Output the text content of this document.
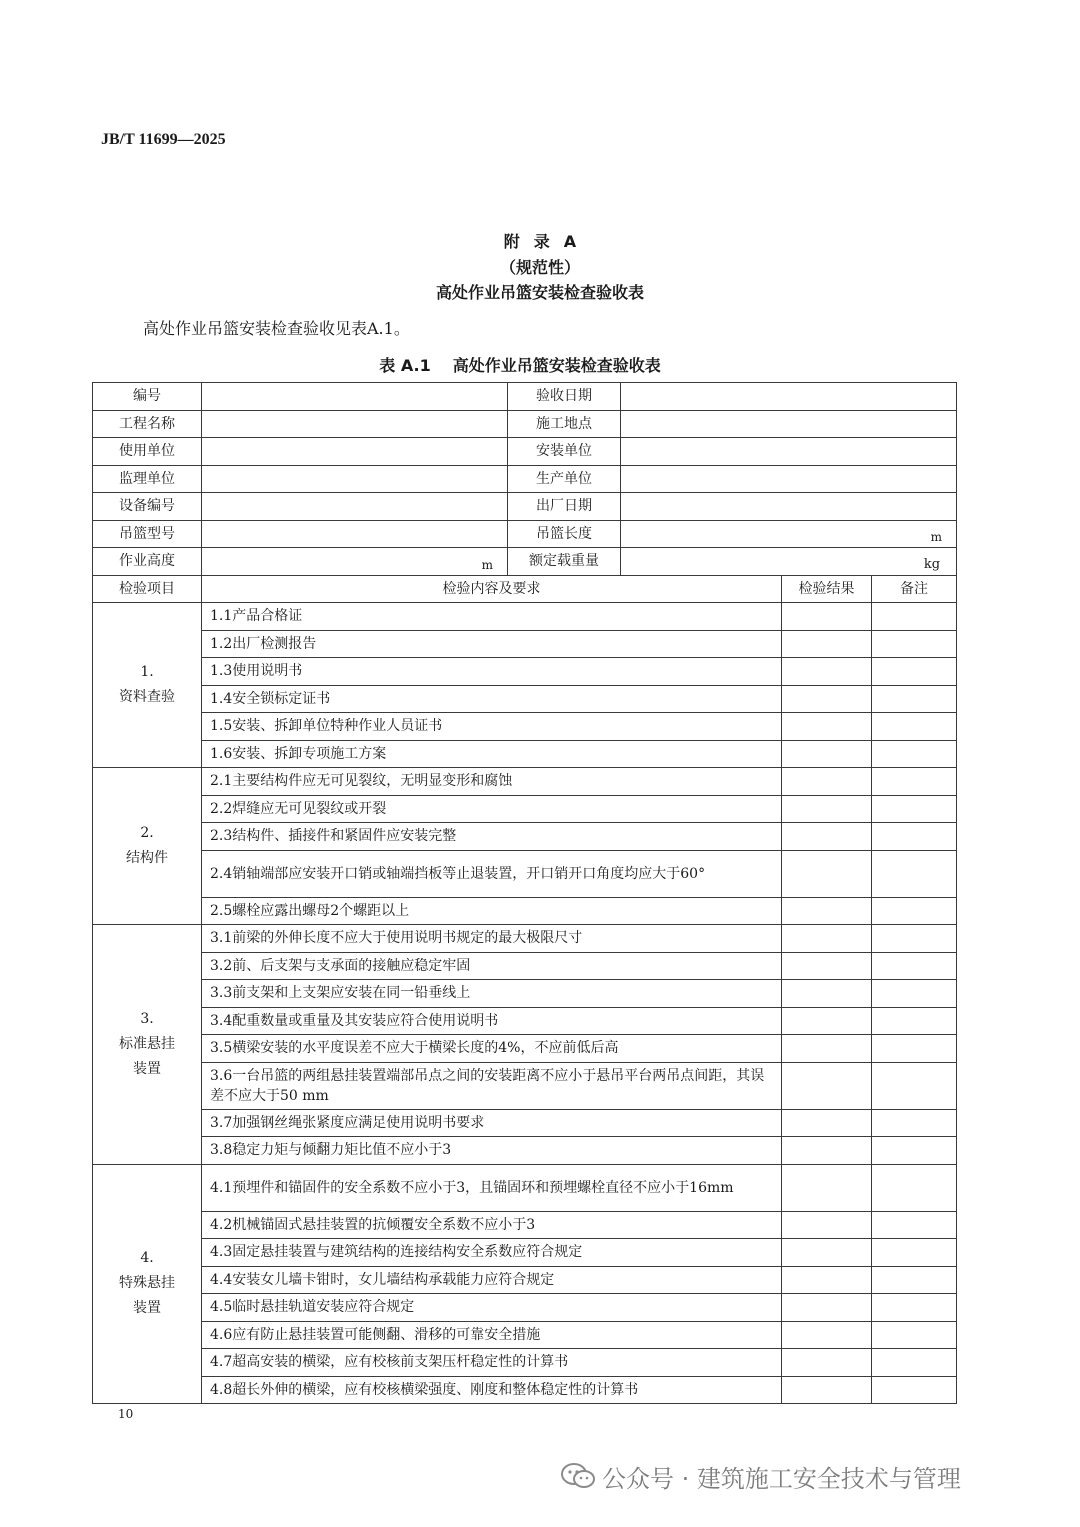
JB/T 11699—2025
附录A
（规范性）
高处作业吊篮安装检查验收表
高处作业吊篮安装检查验收见表A.1。
表 A.1 高处作业吊篮安装检查验收表
编号		验收日期			
工程名称		施工地点			
使用单位		安装单位			
监理单位		生产单位			
设备编号		出厂日期			
吊篮型号		吊篮长度	m		

作业高度	m	额定载重量	kg		

检验项目	检验内容及要求			检验结果	备注

1.
资料查验	1.1产品合格证				
	1.2出厂检测报告				
	1.3使用说明书				
	1.4安全锁标定证书				
	1.5安装、拆卸单位特种作业人员证书				
	1.6安装、拆卸专项施工方案				

2.
结构件	2.1主要结构件应无可见裂纹，无明显变形和腐蚀				
	2.2焊缝应无可见裂纹或开裂				
	2.3结构件、插接件和紧固件应安装完整				
	2.4销轴端部应安装开口销或轴端挡板等止退装置，开口销开口角度均应大于60°				
	2.5螺栓应露出螺母2个螺距以上				

3.
标准悬挂
装置	3.1前梁的外伸长度不应大于使用说明书规定的最大极限尺寸				
	3.2前、后支架与支承面的接触应稳定牢固				
	3.3前支架和上支架应安装在同一铅垂线上				
	3.4配重数量或重量及其安装应符合使用说明书				
	3.5横梁安装的水平度误差不应大于横梁长度的4%，不应前低后高				
	3.6一台吊篮的两组悬挂装置端部吊点之间的安装距离不应小于悬吊平台两吊点间距，其误差不应大于50 mm				
	3.7加强钢丝绳张紧度应满足使用说明书要求				
	3.8稳定力矩与倾翻力矩比值不应小于3				

4.
特殊悬挂
装置	4.1预埋件和锚固件的安全系数不应小于3，且锚固环和预埋螺栓直径不应小于16mm				
	4.2机械锚固式悬挂装置的抗倾覆安全系数不应小于3				
	4.3固定悬挂装置与建筑结构的连接结构安全系数应符合规定				
	4.4安装女儿墙卡钳时，女儿墙结构承载能力应符合规定				
	4.5临时悬挂轨道安装应符合规定				
	4.6应有防止悬挂装置可能侧翻、滑移的可靠安全措施				
	4.7超高安装的横梁，应有校核前支架压杆稳定性的计算书				
	4.8超长外伸的横梁，应有校核横梁强度、刚度和整体稳定性的计算书				
10
公众号 · 建筑施工安全技术与管理
